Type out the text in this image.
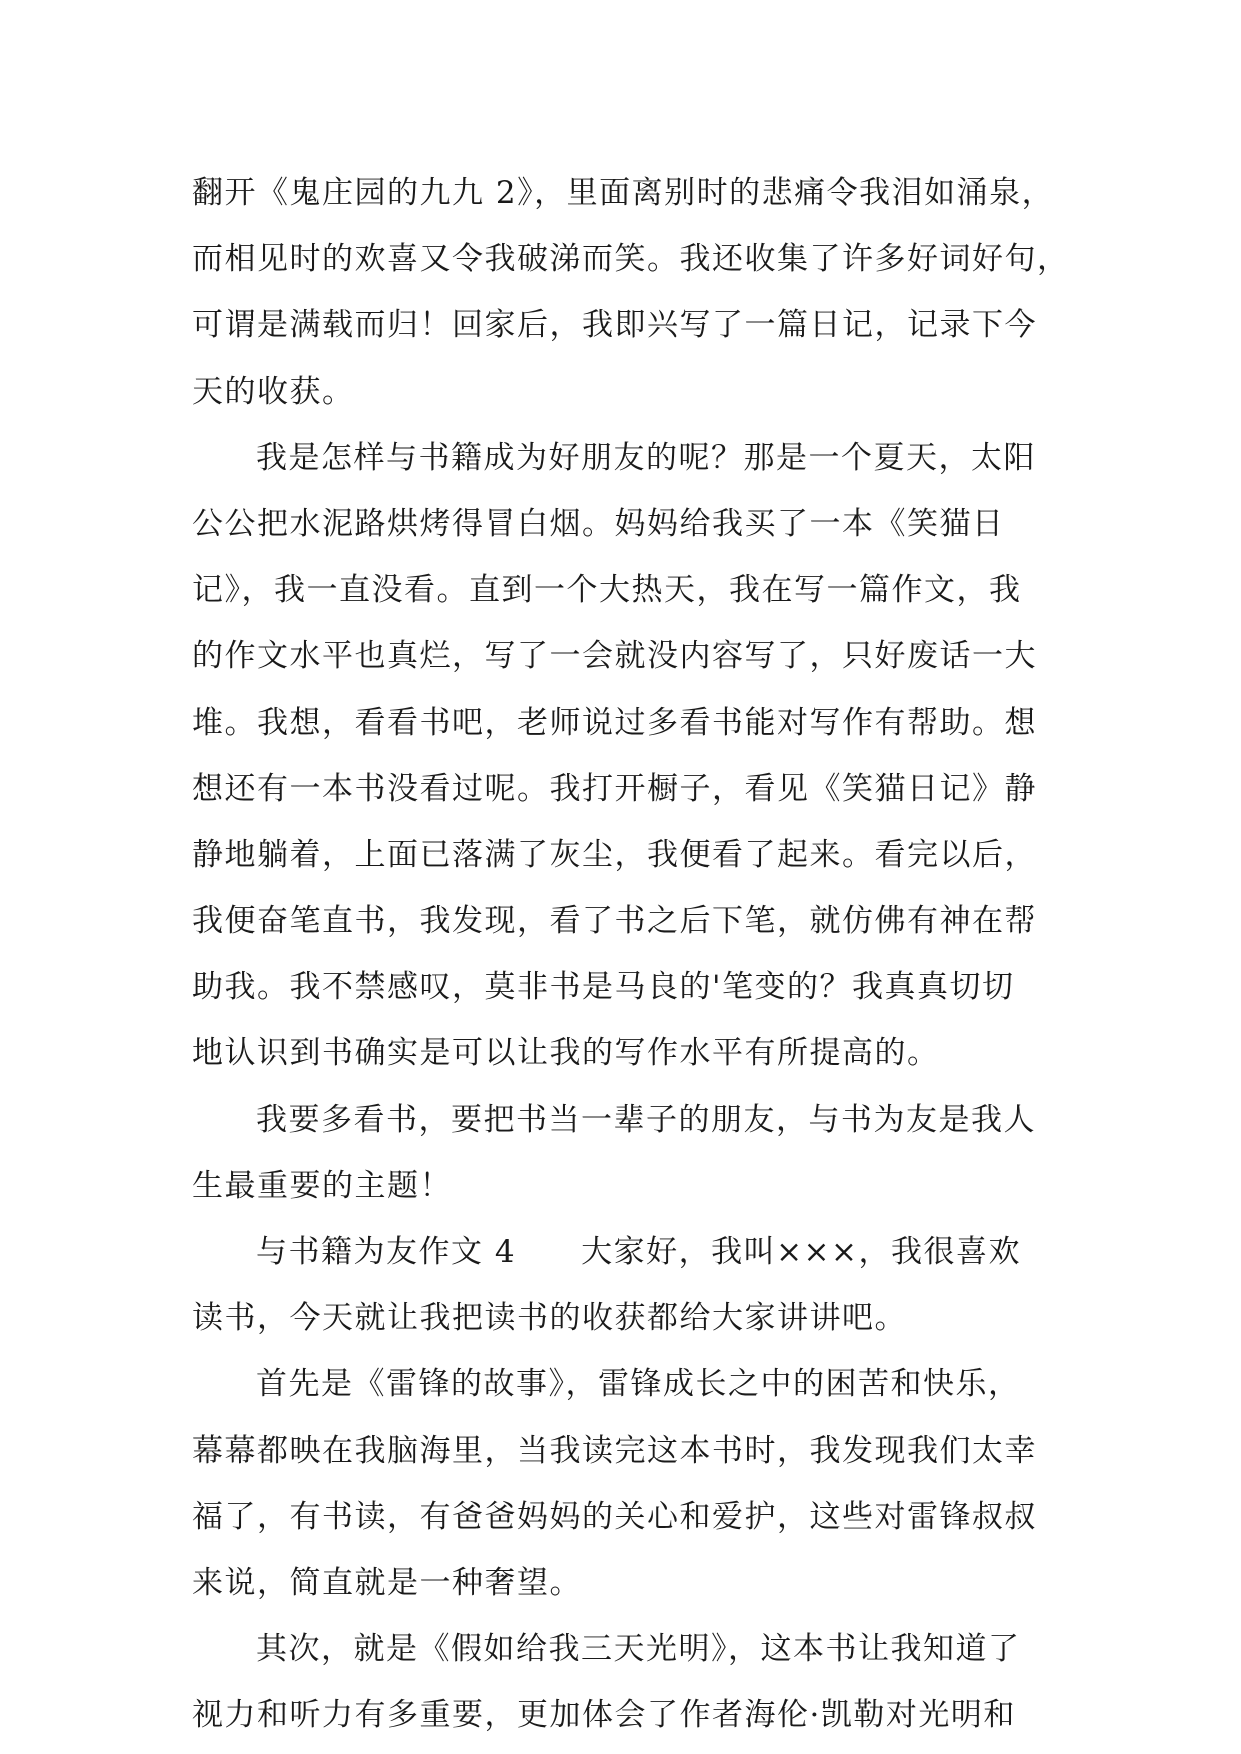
翻开《鬼庄园的九九 2》，里面离别时的悲痛令我泪如涌泉，
而相见时的欢喜又令我破涕而笑。我还收集了许多好词好句，
可谓是满载而归！回家后，我即兴写了一篇日记，记录下今
天的收获。
我是怎样与书籍成为好朋友的呢？那是一个夏天，太阳
公公把水泥路烘烤得冒白烟。妈妈给我买了一本《笑猫日
记》，我一直没看。直到一个大热天，我在写一篇作文，我
的作文水平也真烂，写了一会就没内容写了，只好废话一大
堆。我想，看看书吧，老师说过多看书能对写作有帮助。想
想还有一本书没看过呢。我打开橱子，看见《笑猫日记》静
静地躺着，上面已落满了灰尘，我便看了起来。看完以后，
我便奋笔直书，我发现，看了书之后下笔，就仿佛有神在帮
助我。我不禁感叹，莫非书是马良的'笔变的？我真真切切
地认识到书确实是可以让我的写作水平有所提高的。
我要多看书，要把书当一辈子的朋友，与书为友是我人
生最重要的主题！
与书籍为友作文 4　　大家好，我叫×××，我很喜欢
读书，今天就让我把读书的收获都给大家讲讲吧。
首先是《雷锋的故事》，雷锋成长之中的困苦和快乐，
幕幕都映在我脑海里，当我读完这本书时，我发现我们太幸
福了，有书读，有爸爸妈妈的关心和爱护，这些对雷锋叔叔
来说，简直就是一种奢望。
其次，就是《假如给我三天光明》，这本书让我知道了
视力和听力有多重要，更加体会了作者海伦·凯勒对光明和
